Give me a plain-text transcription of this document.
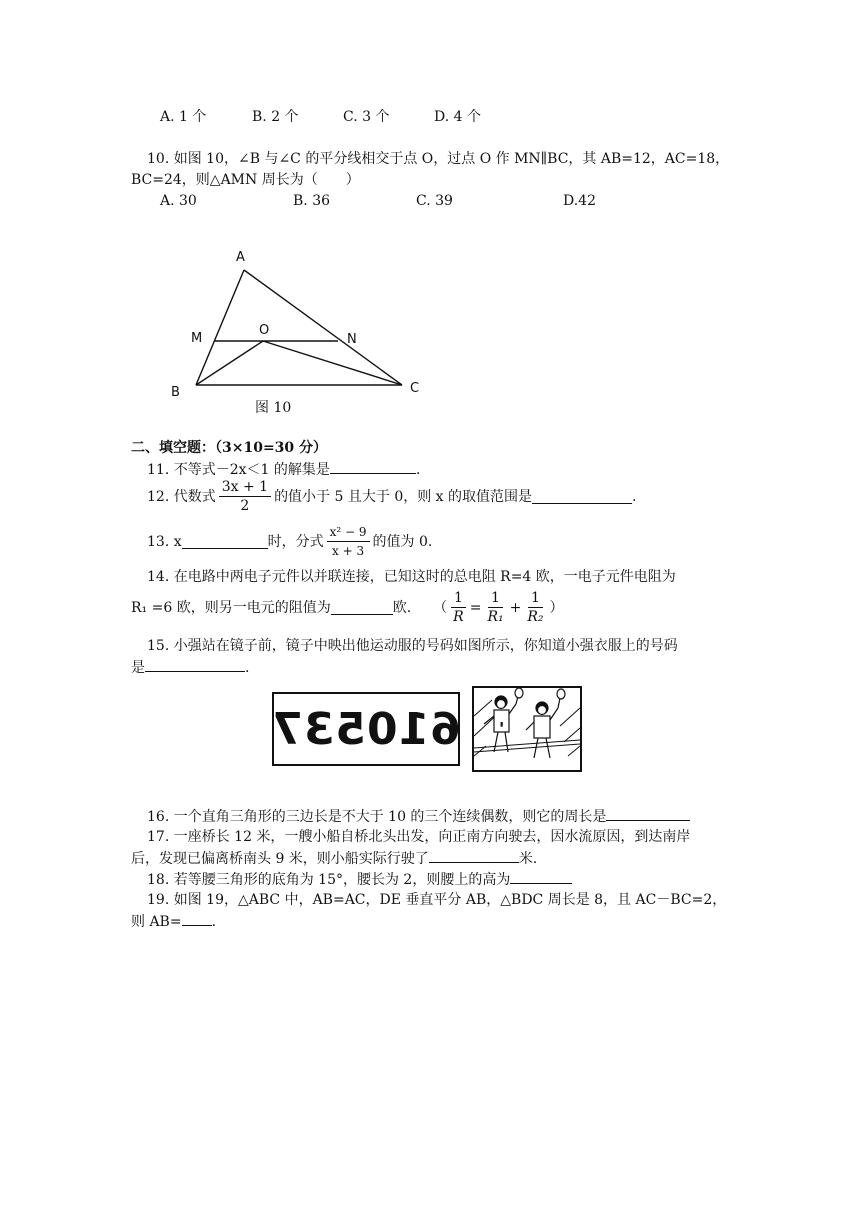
A. 1 个	B. 2 个	C. 3 个	D. 4 个
10. 如图 10，∠B 与∠C 的平分线相交于点 O，过点 O 作 MN∥BC，其 AB=12，AC=18，
BC=24，则△AMN 周长为（　　）
A. 30	B. 36	C. 39	D.42
A
M
O
N
B	C
图 10
二、填空题：（3×10=30 分）
11. 不等式－2x＜1 的解集是	.
12. 代数式 $\frac{3x + 1}{2}$ 的值小于 5 且大于 0，则 x 的取值范围是	.
13. x	时，分式 $\frac{\text{x² − 9}}{x + 3}$ 的值为 0.
14. 在电路中两电子元件以并联连接，已知这时的总电阻 R=4 欧，一电子元件电阻为
R₁ =6 欧，则另一电元的阻值为	欧. （ $\frac{1}{R} = \frac{1}{\text{R₁}} + \frac{1}{\text{R₂}}$ ）
15. 小强站在镜子前，镜子中映出他运动服的号码如图所示，你知道小强衣服上的号码
是	.
610537	▮
16. 一个直角三角形的三边长是不大于 10 的三个连续偶数，则它的周长是
17. 一座桥长 12 米，一艘小船自桥北头出发，向正南方向驶去，因水流原因，到达南岸
后，发现已偏离桥南头 9 米，则小船实际行驶了	米.
18. 若等腰三角形的底角为 15°，腰长为 2，则腰上的高为
19. 如图 19，△ABC 中，AB=AC，DE 垂直平分 AB，△BDC 周长是 8，且 AC－BC=2，
则 AB= .
